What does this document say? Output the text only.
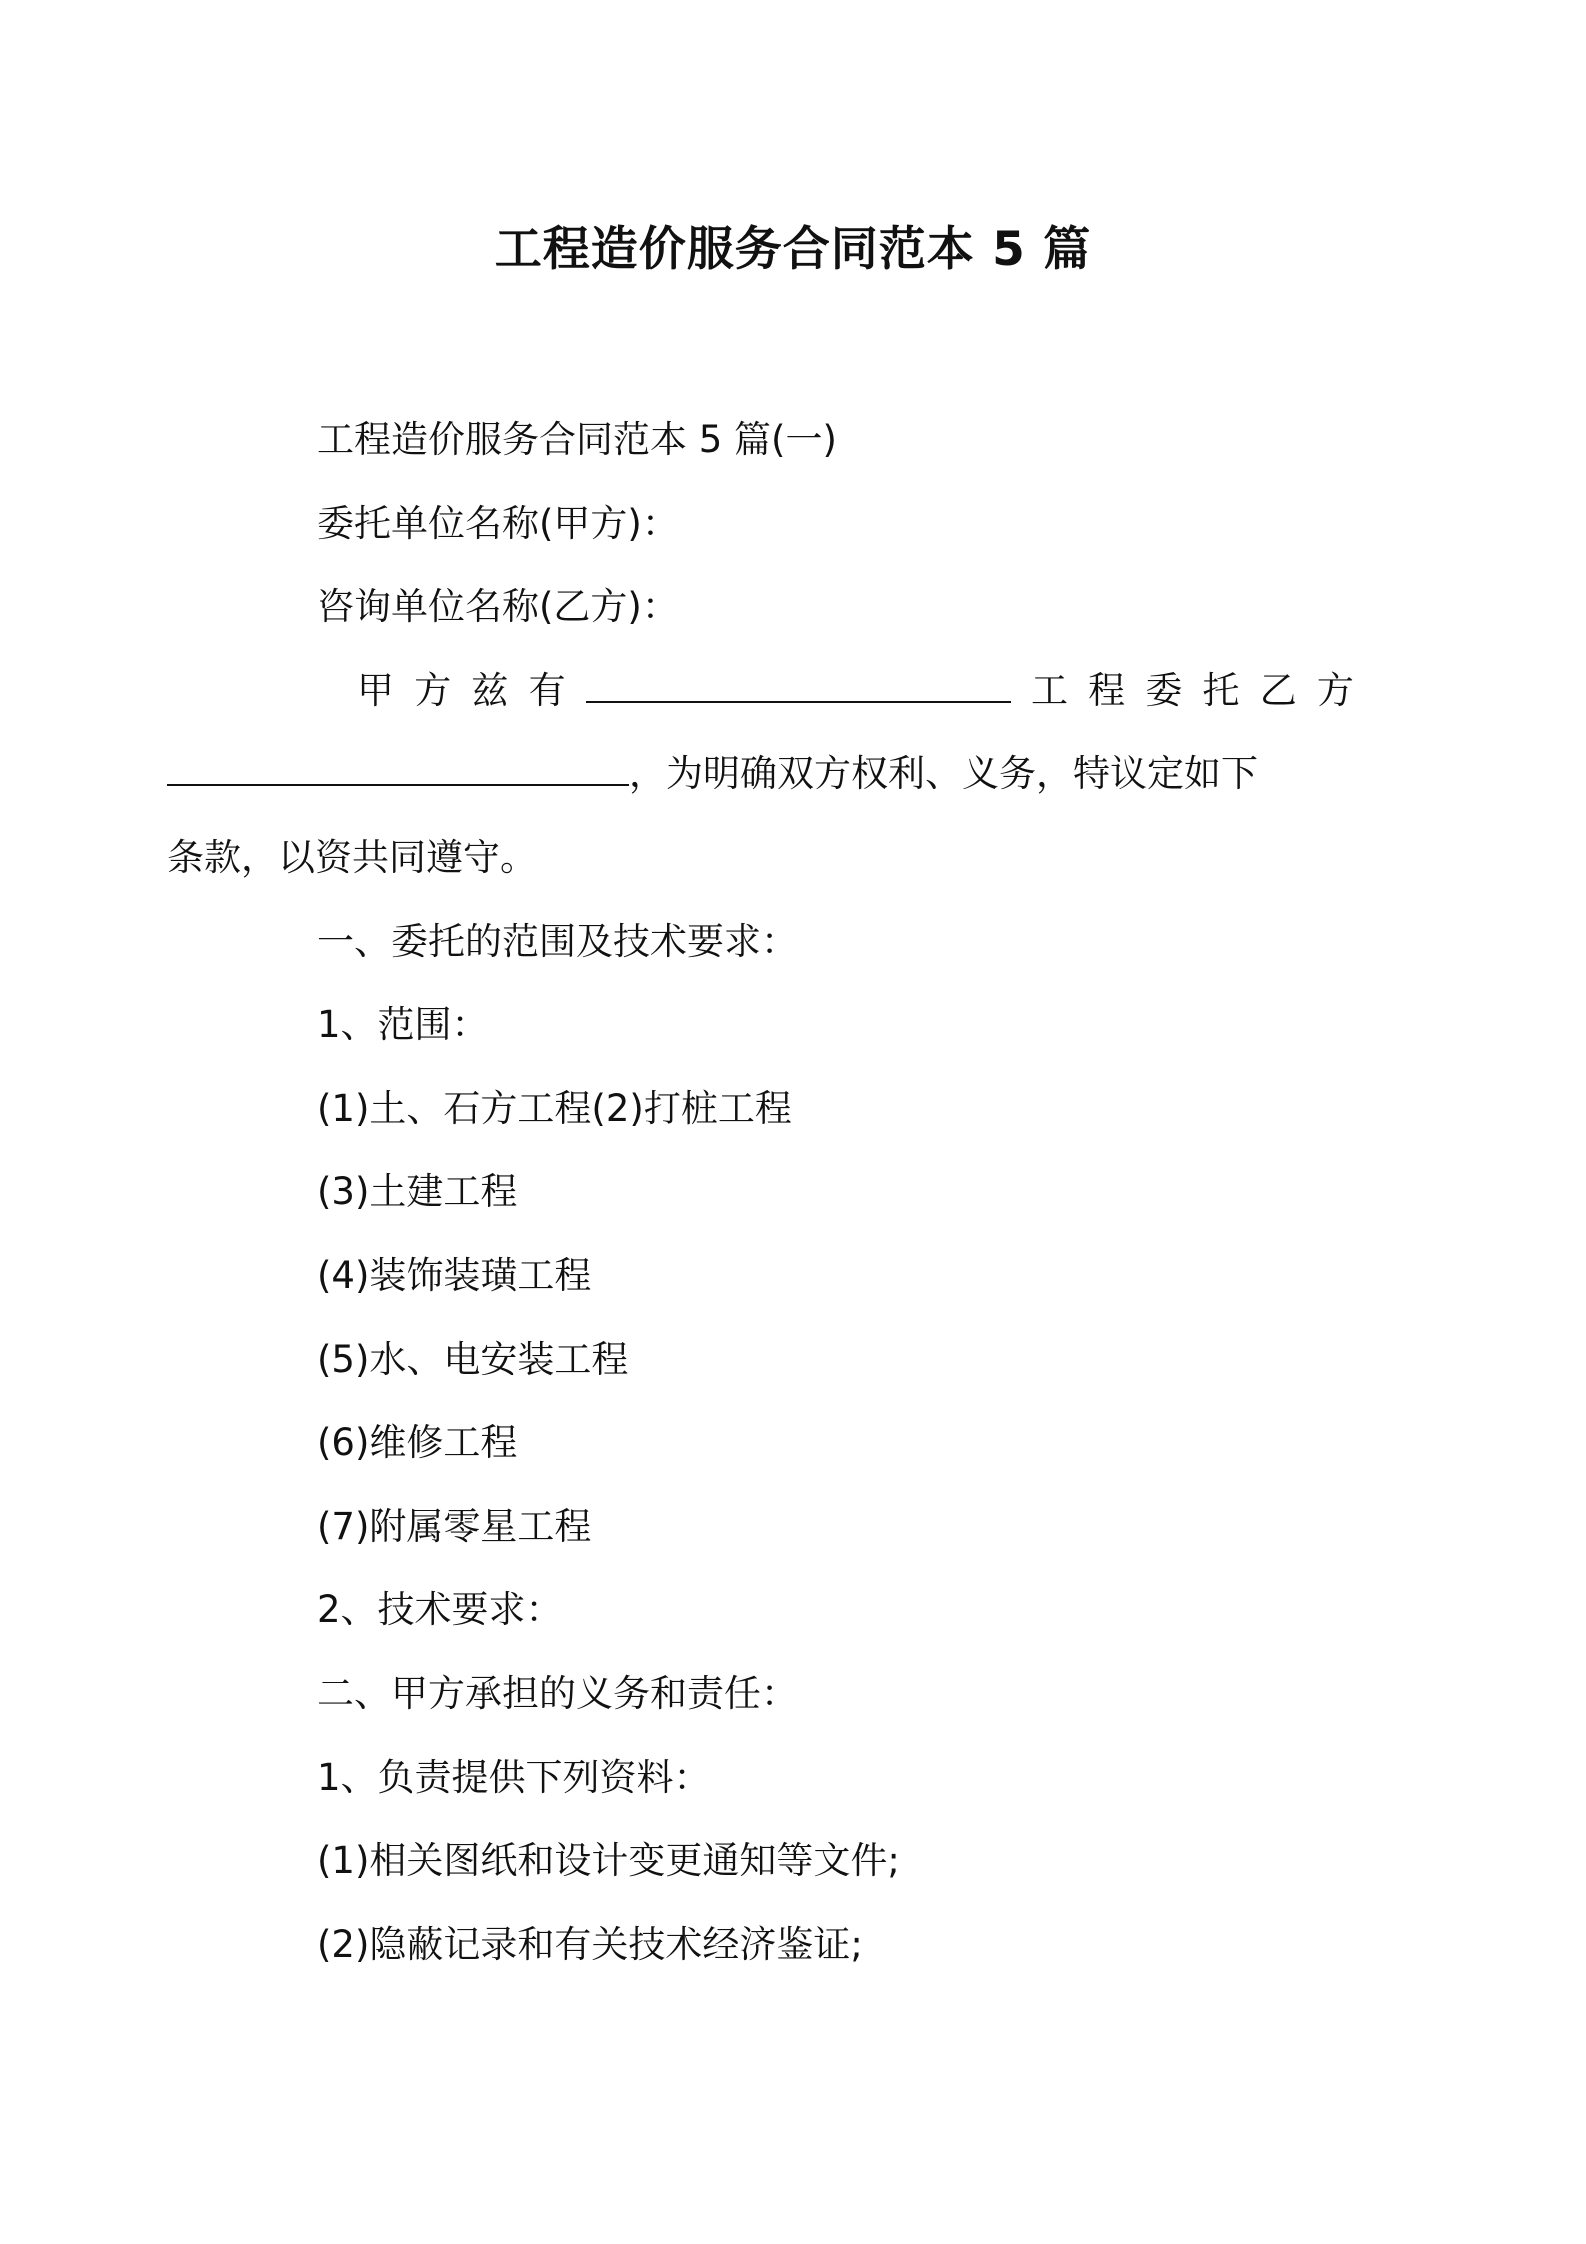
工程造价服务合同范本 5 篇

工程造价服务合同范本 5 篇(一)

委托单位名称(甲方)：

咨询单位名称(乙方)：

甲 方 兹 有	工 程 委 托 乙 方

，为明确双方权利、义务，特议定如下

条款，以资共同遵守。

一、委托的范围及技术要求：

1、范围：

(1)土、石方工程(2)打桩工程

(3)土建工程

(4)装饰装璜工程

(5)水、电安装工程

(6)维修工程

(7)附属零星工程

2、技术要求：

二、甲方承担的义务和责任：

1、负责提供下列资料：

(1)相关图纸和设计变更通知等文件;

(2)隐蔽记录和有关技术经济鉴证;
